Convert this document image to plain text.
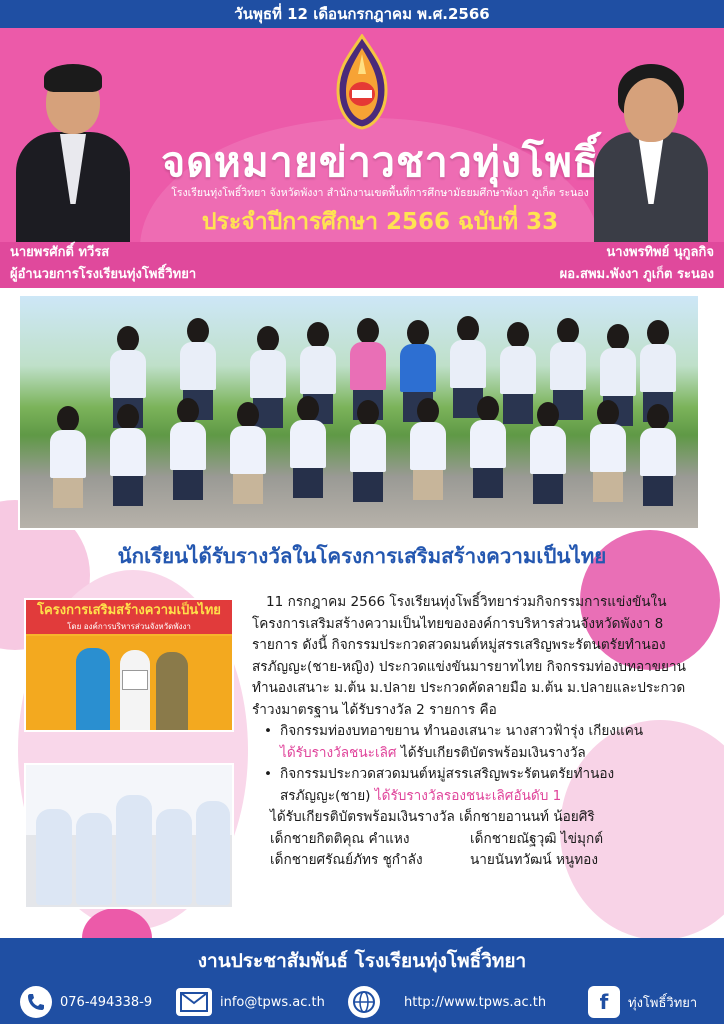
วันพุธที่ 12 เดือนกรกฎาคม พ.ศ.2566
จดหมายข่าวชาวทุ่งโพธิ์
โรงเรียนทุ่งโพธิ์วิทยา จังหวัดพังงา สำนักงานเขตพื้นที่การศึกษามัธยมศึกษาพังงา ภูเก็ต ระนอง
ประจำปีการศึกษา 2566 ฉบับที่ 33
นายพรศักดิ์ ทวีรส
ผู้อำนวยการโรงเรียนทุ่งโพธิ์วิทยา
นางพรทิพย์ นุกูลกิจ
ผอ.สพม.พังงา ภูเก็ต ระนอง
นักเรียนได้รับรางวัลในโครงการเสริมสร้างความเป็นไทย
โครงการเสริมสร้างความเป็นไทย
โดย องค์การบริหารส่วนจังหวัดพังงา

11 กรกฎาคม 2566 โรงเรียนทุ่งโพธิ์วิทยาร่วมกิจกรรมการแข่งขันในโครงการเสริมสร้างความเป็นไทยขององค์การบริหารส่วนจังหวัดพังงา 8 รายการ ดังนี้ กิจกรรมประกวดสวดมนต์หมู่สรรเสริญพระรัตนตรัยทำนองสรภัญญะ(ชาย-หญิง) ประกวดแข่งขันมารยาทไทย กิจกรรมท่องบทอาขยาน ทำนองเสนาะ ม.ต้น ม.ปลาย ประกวดคัดลายมือ ม.ต้น ม.ปลายและประกวดรำวงมาตรฐาน ได้รับรางวัล 2 รายการ คือ

• กิจกรรมท่องบทอาขยาน ทำนองเสนาะ นางสาวฟ้ารุ่ง เกียงแคน
ได้รับรางวัลชนะเลิศ ได้รับเกียรติบัตรพร้อมเงินรางวัล
• กิจกรรมประกวดสวดมนต์หมู่สรรเสริญพระรัตนตรัยทำนองสรภัญญะ(ชาย) ได้รับรางวัลรองชนะเลิศอันดับ 1

ได้รับเกียรติบัตรพร้อมเงินรางวัล เด็กชายอานนท์ น้อยศิริ

เด็กชายกิตติคุณ คำแหง	เด็กชายณัฐวุฒิ ไข่มุกต์
เด็กชายศรัณย์ภัทร ชูกำลัง	นายนันทวัฒน์ หนูทอง
งานประชาสัมพันธ์ โรงเรียนทุ่งโพธิ์วิทยา
076-494338-9	info@tpws.ac.th	http://www.tpws.ac.th	f ทุ่งโพธิ์วิทยา
